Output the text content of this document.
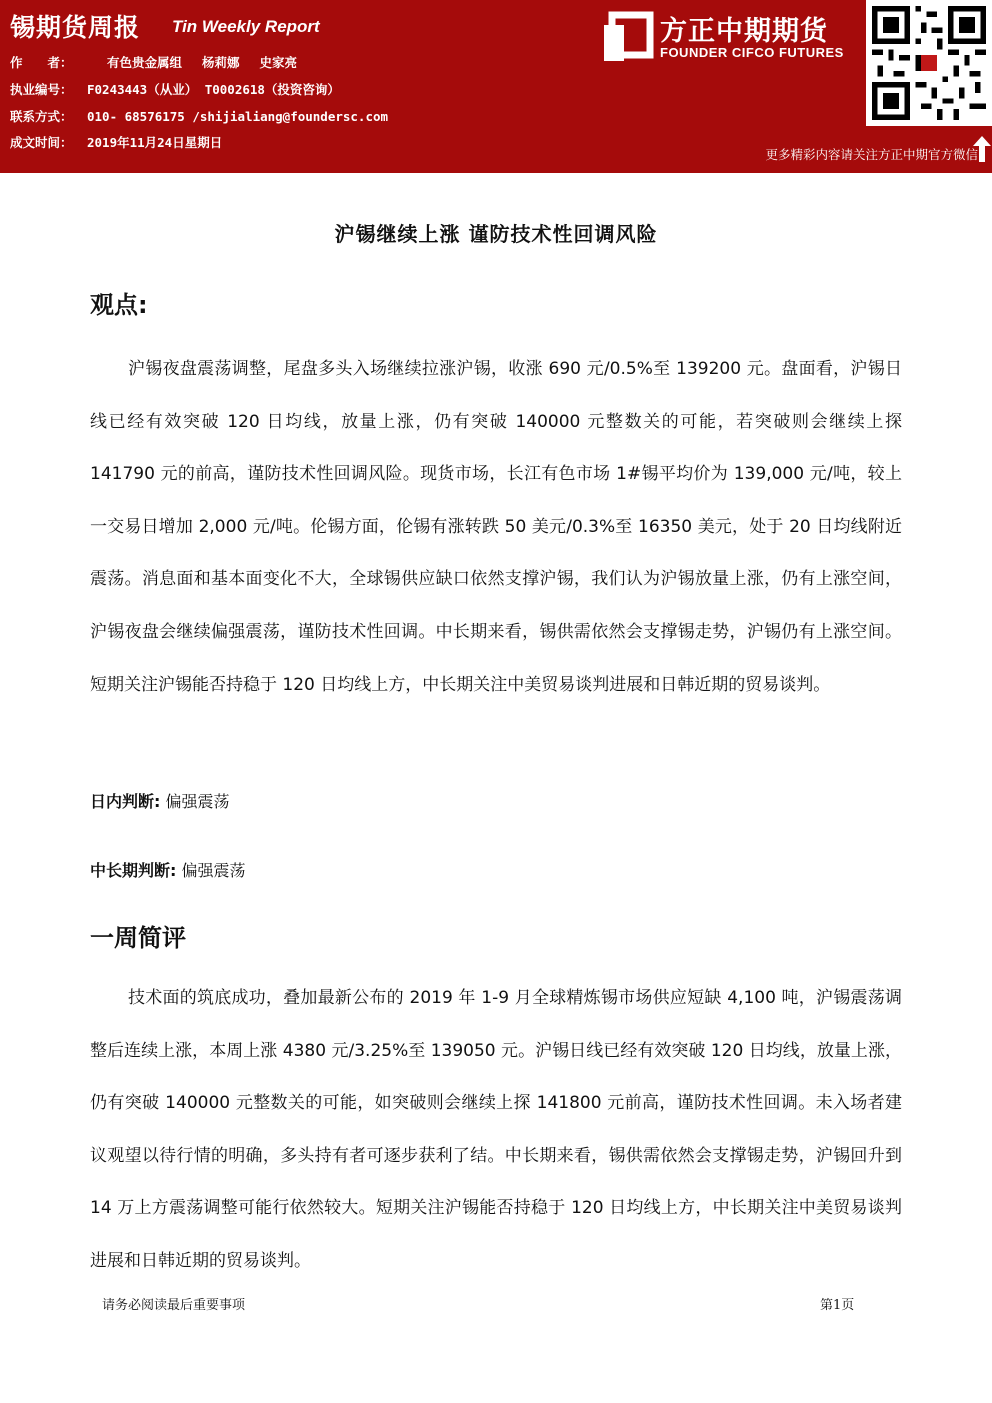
锡期货周报 Tin Weekly Report
作　　者：	有色贵金属组 杨莉娜 史家亮
执业编号： F0243443（从业） T0002618（投资咨询）
联系方式： 010- 68576175 /shijialiang@foundersc.com
成文时间： 2019年11月24日星期日
方正中期期货
FOUNDER CIFCO FUTURES
更多精彩内容请关注方正中期官方微信
沪锡继续上涨 谨防技术性回调风险
观点:
沪锡夜盘震荡调整，尾盘多头入场继续拉涨沪锡，收涨 690 元/0.5%至 139200 元。盘面看，沪锡日线已经有效突破 120 日均线，放量上涨，仍有突破 140000 元整数关的可能，若突破则会继续上探 141790 元的前高，谨防技术性回调风险。现货市场，长江有色市场 1#锡平均价为 139,000 元/吨，较上一交易日增加 2,000 元/吨。伦锡方面，伦锡有涨转跌 50 美元/0.3%至 16350 美元，处于 20 日均线附近震荡。消息面和基本面变化不大，全球锡供应缺口依然支撑沪锡，我们认为沪锡放量上涨，仍有上涨空间，沪锡夜盘会继续偏强震荡，谨防技术性回调。中长期来看，锡供需依然会支撑锡走势，沪锡仍有上涨空间。短期关注沪锡能否持稳于 120 日均线上方，中长期关注中美贸易谈判进展和日韩近期的贸易谈判。
日内判断: 偏强震荡
中长期判断: 偏强震荡
一周简评
技术面的筑底成功，叠加最新公布的 2019 年 1-9 月全球精炼锡市场供应短缺 4,100 吨，沪锡震荡调整后连续上涨，本周上涨 4380 元/3.25%至 139050 元。沪锡日线已经有效突破 120 日均线，放量上涨，仍有突破 140000 元整数关的可能，如突破则会继续上探 141800 元前高，谨防技术性回调。未入场者建议观望以待行情的明确，多头持有者可逐步获利了结。中长期来看，锡供需依然会支撑锡走势，沪锡回升到 14 万上方震荡调整可能行依然较大。短期关注沪锡能否持稳于 120 日均线上方，中长期关注中美贸易谈判进展和日韩近期的贸易谈判。
请务必阅读最后重要事项	第1页
